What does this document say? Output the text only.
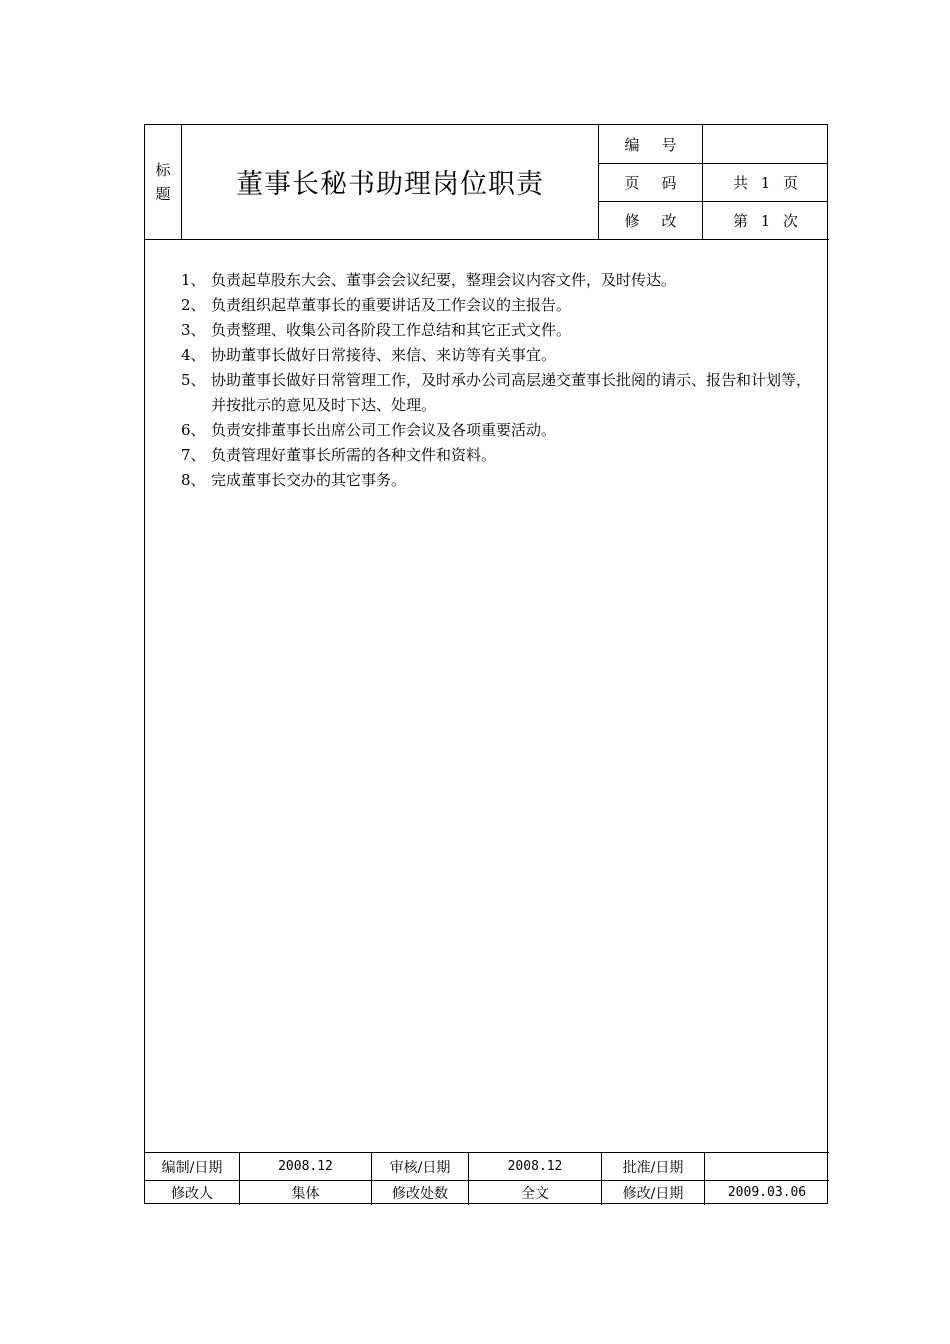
标题 董事长秘书助理岗位职责
编号
页码	共 1 页
修改	第 1 次
1、 负责起草股东大会、董事会会议纪要，整理会议内容文件，及时传达。
2、 负责组织起草董事长的重要讲话及工作会议的主报告。
3、 负责整理、收集公司各阶段工作总结和其它正式文件。
4、 协助董事长做好日常接待、来信、来访等有关事宜。
5、 协助董事长做好日常管理工作，及时承办公司高层递交董事长批阅的请示、报告和计划等，并按批示的意见及时下达、处理。
6、 负责安排董事长出席公司工作会议及各项重要活动。
7、 负责管理好董事长所需的各种文件和资料。
8、 完成董事长交办的其它事务。
编制/日期	2008.12	审核/日期	2008.12	批准/日期
修改人	集体	修改处数	全文	修改/日期	2009.03.06
